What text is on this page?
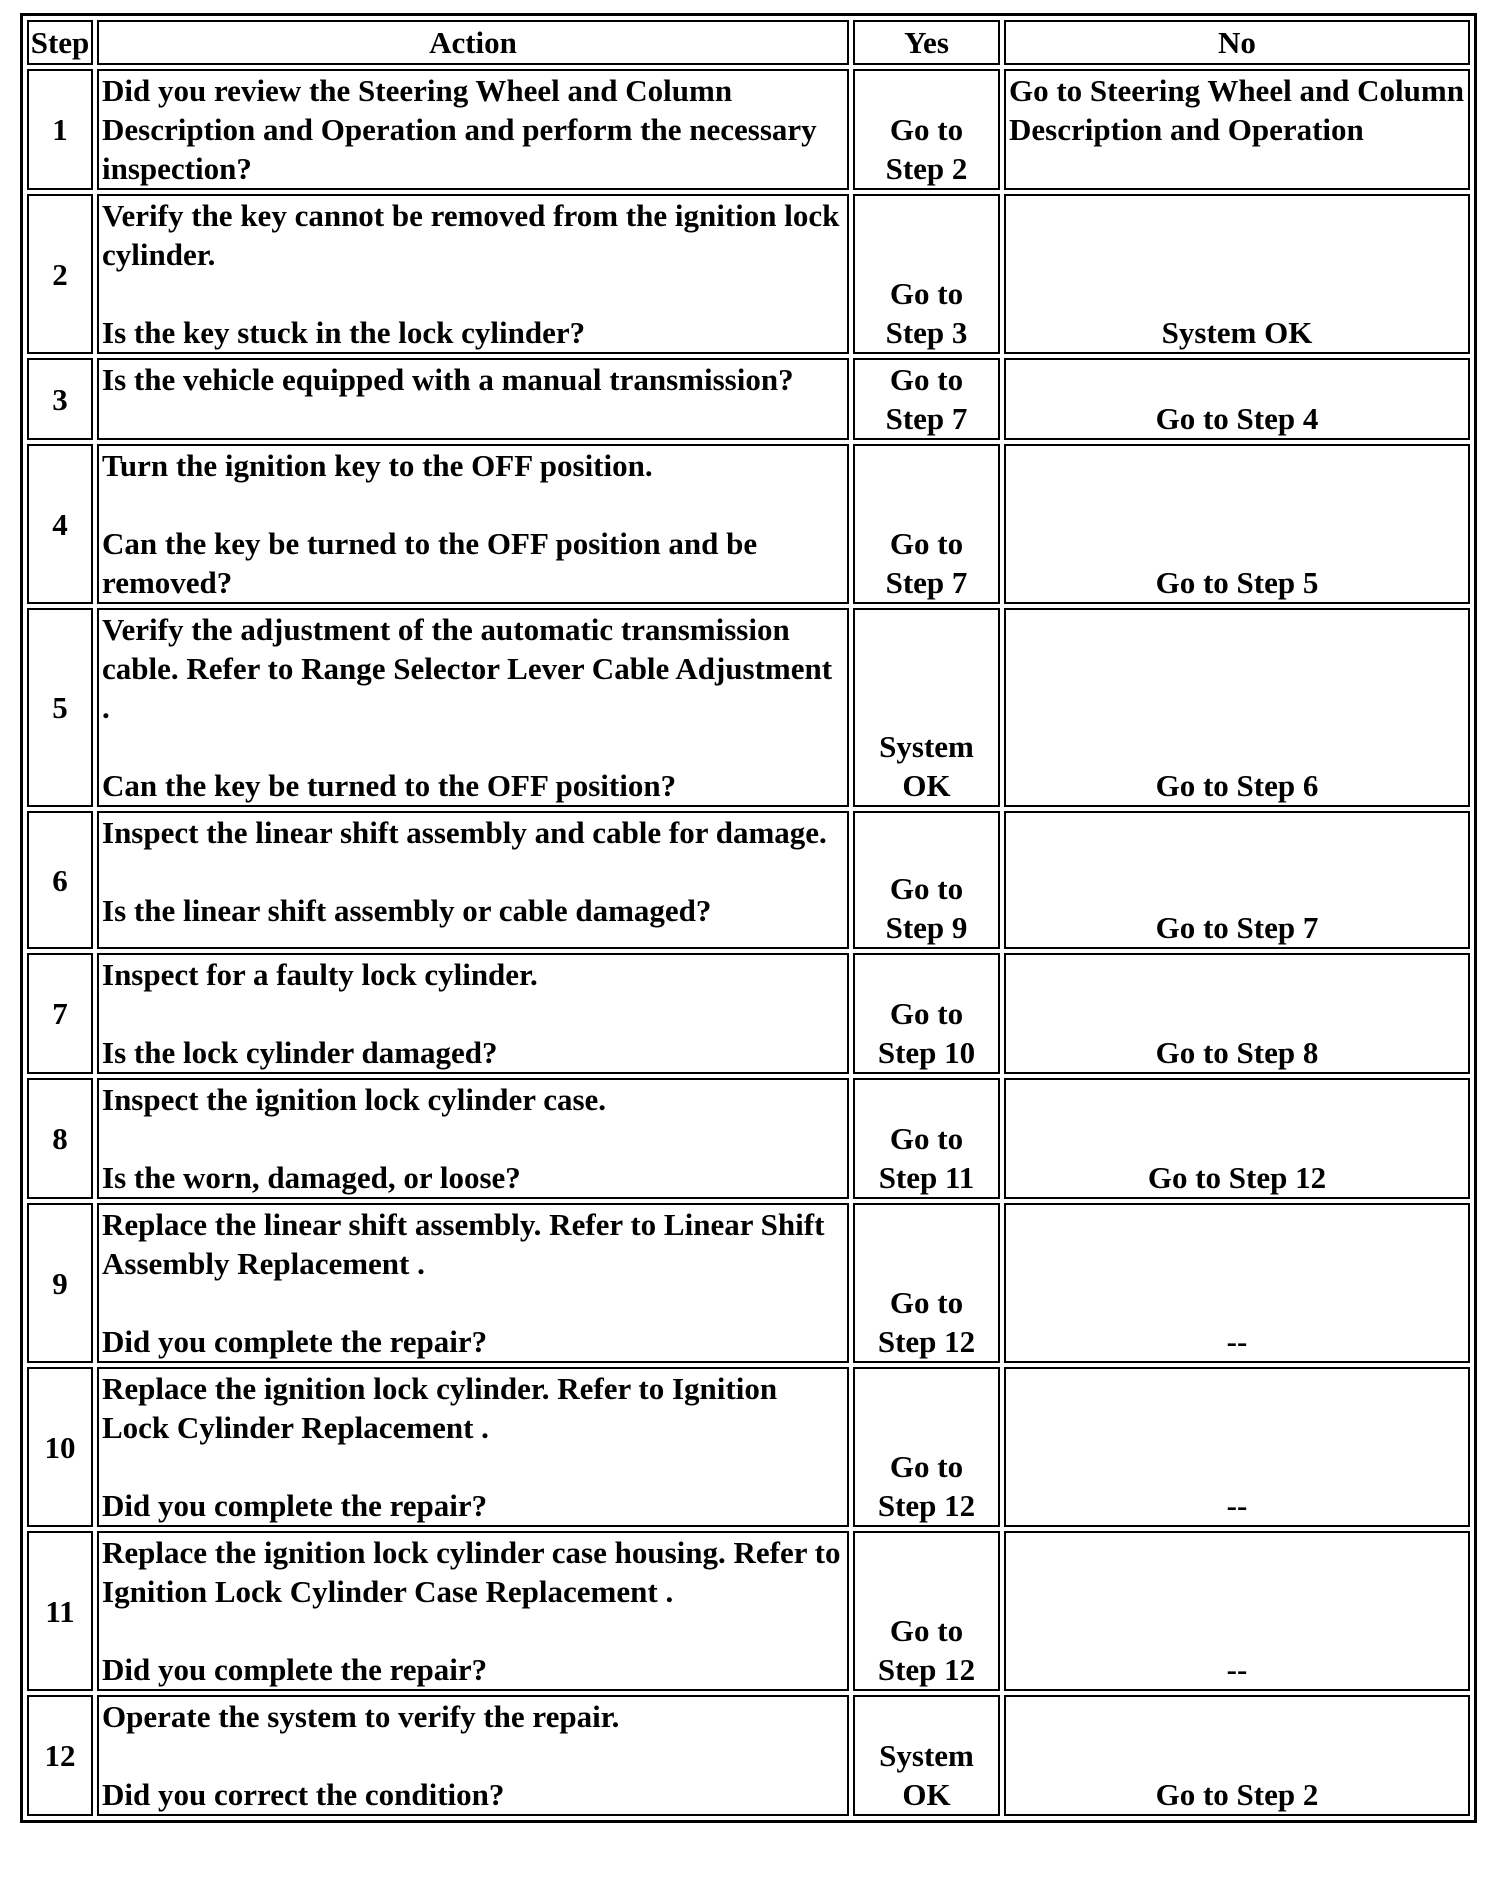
Step	Action	Yes	No
1	Did you review the Steering Wheel and Column Description and Operation and perform the necessary inspection?	Go to Step 2	Go to Steering Wheel and Column Description and Operation
2	Verify the key cannot be removed from the ignition lock cylinder.
Is the key stuck in the lock cylinder?	Go to Step 3	System OK
3	Is the vehicle equipped with a manual transmission?	Go to Step 7	Go to Step 4
4	Turn the ignition key to the OFF position.
Can the key be turned to the OFF position and be removed?	Go to Step 7	Go to Step 5
5	Verify the adjustment of the automatic transmission cable. Refer to Range Selector Lever Cable Adjustment .
Can the key be turned to the OFF position?	System OK	Go to Step 6
6	Inspect the linear shift assembly and cable for damage.
Is the linear shift assembly or cable damaged?	Go to Step 9	Go to Step 7
7	Inspect for a faulty lock cylinder.
Is the lock cylinder damaged?	Go to Step 10	Go to Step 8
8	Inspect the ignition lock cylinder case.
Is the worn, damaged, or loose?	Go to Step 11	Go to Step 12
9	Replace the linear shift assembly. Refer to Linear Shift Assembly Replacement .
Did you complete the repair?	Go to Step 12	--
10	Replace the ignition lock cylinder. Refer to Ignition Lock Cylinder Replacement .
Did you complete the repair?	Go to Step 12	--
11	Replace the ignition lock cylinder case housing. Refer to Ignition Lock Cylinder Case Replacement .
Did you complete the repair?	Go to Step 12	--
12	Operate the system to verify the repair.
Did you correct the condition?	System OK	Go to Step 2
